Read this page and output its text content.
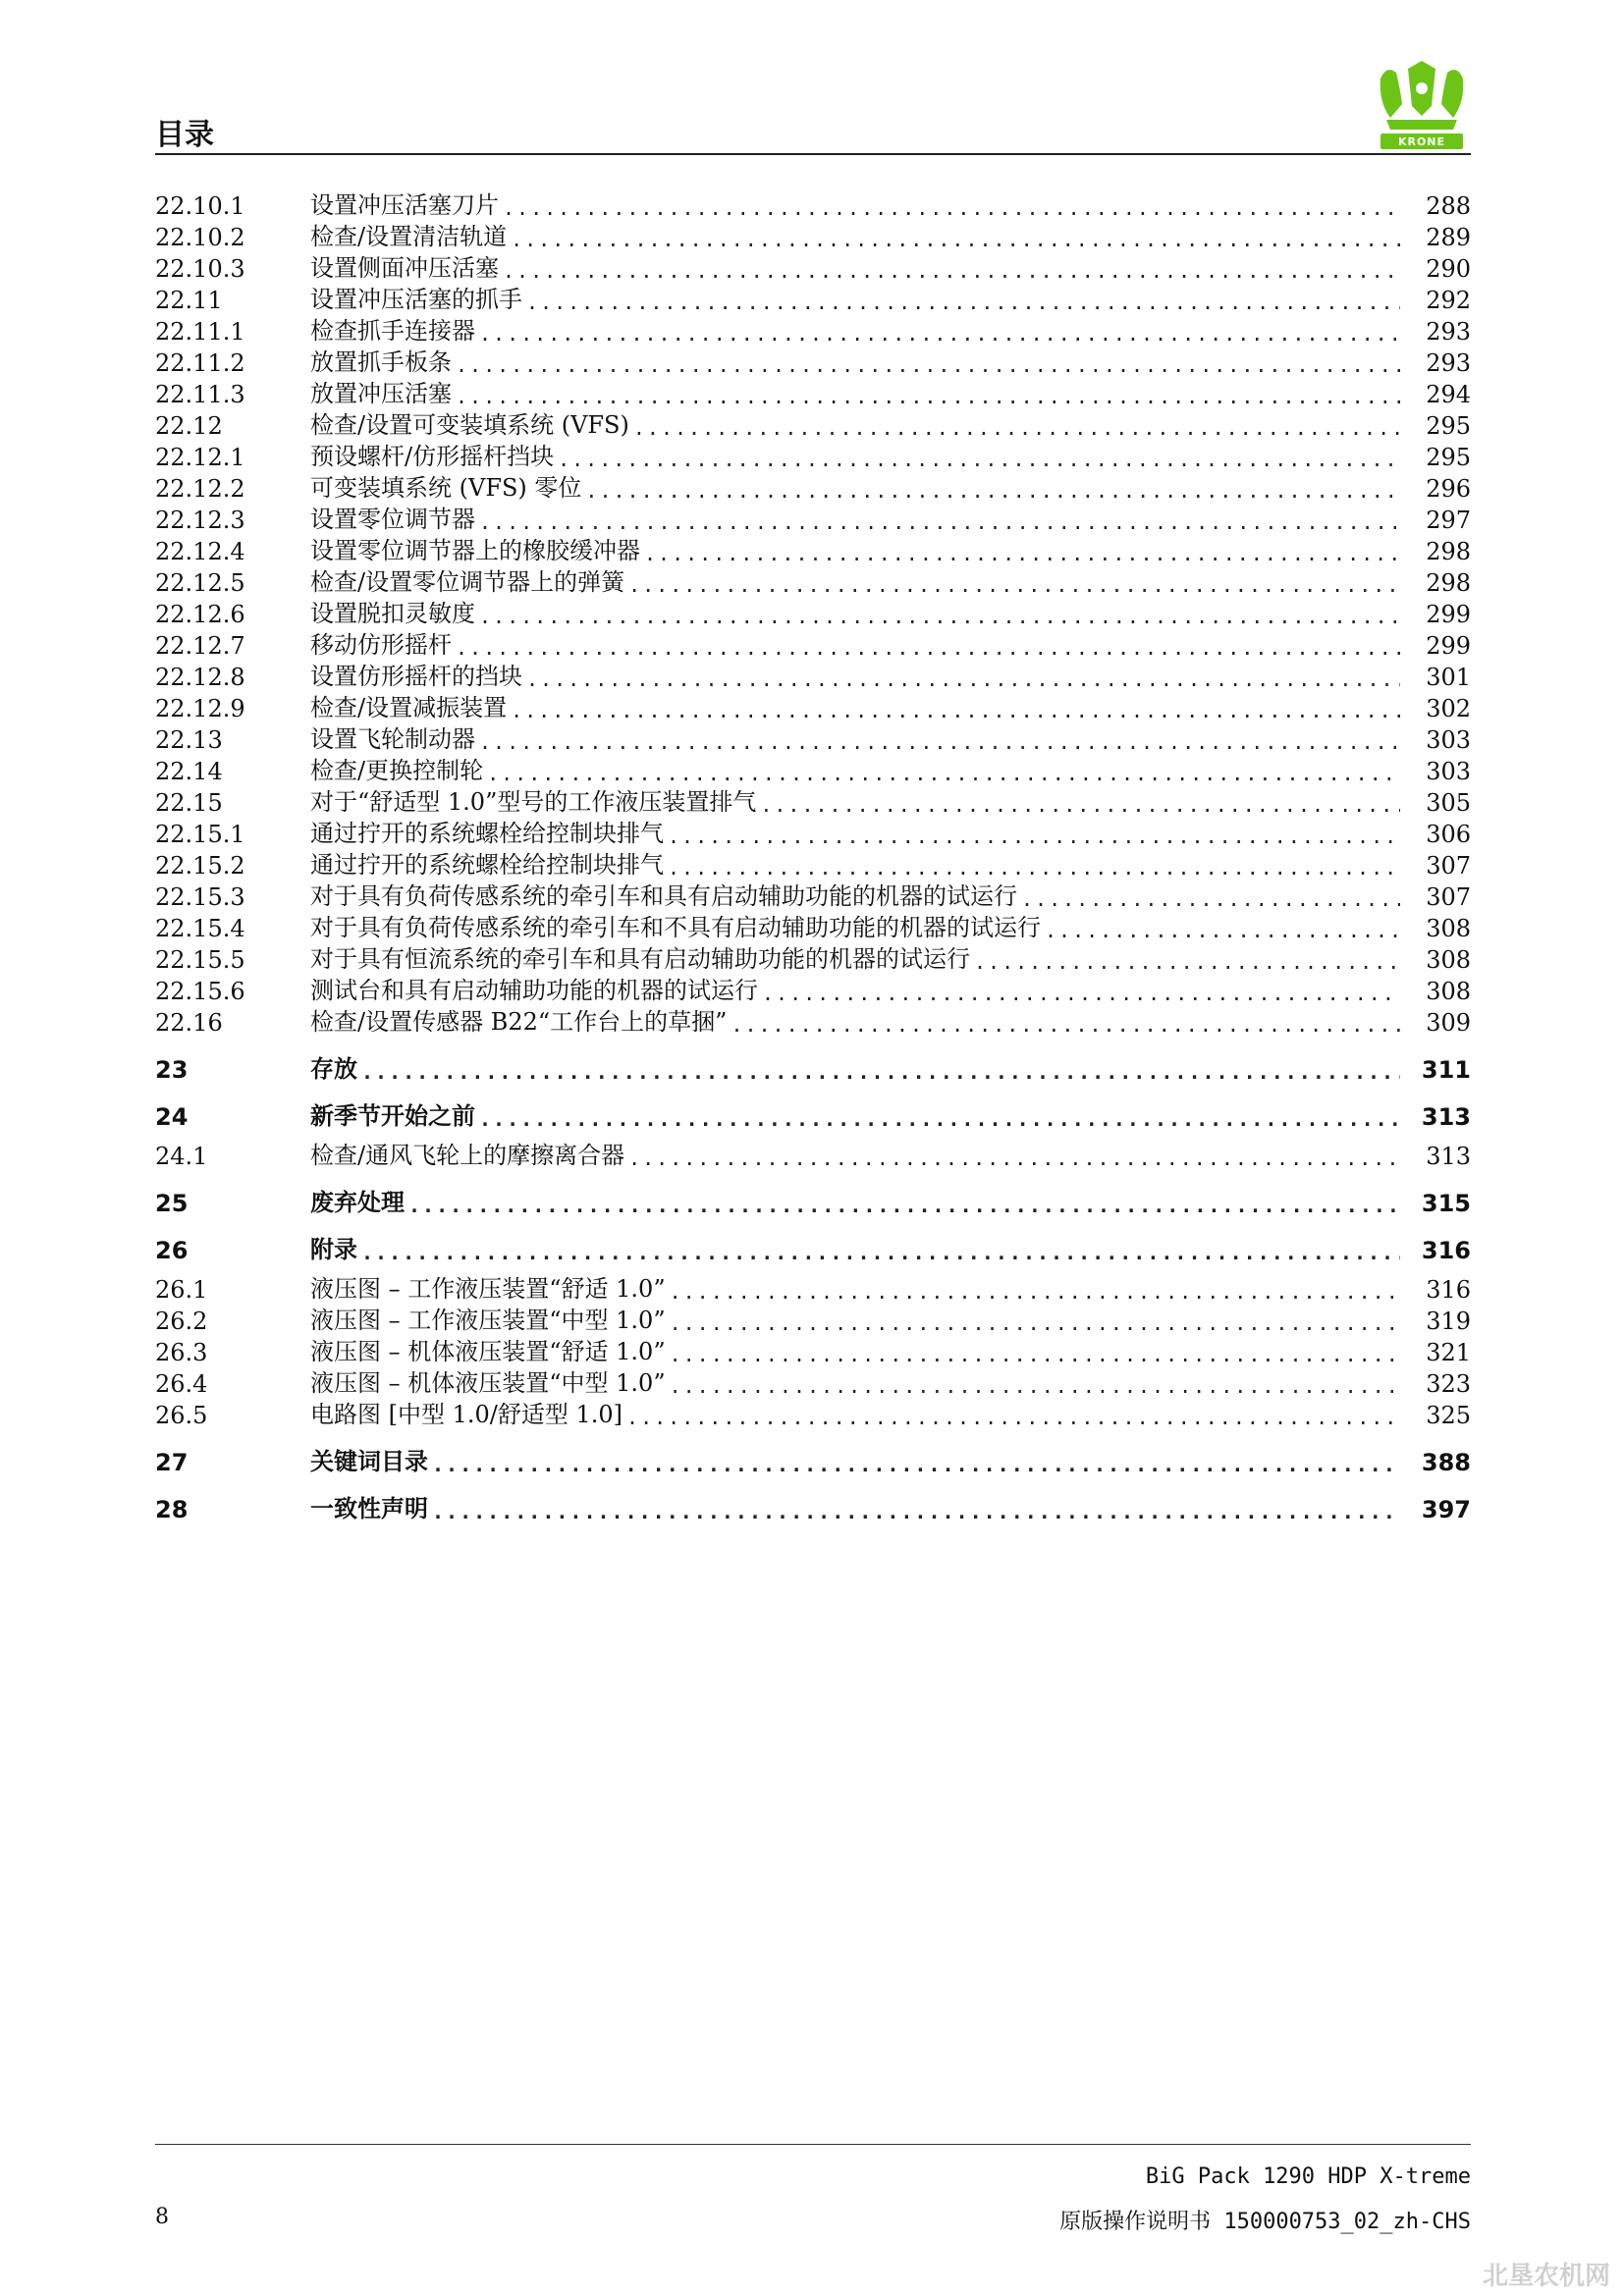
目录	KRONE
22.10.1	设置冲压活塞刀片 .....	288
22.10.2	检查/设置清洁轨道 .....	289
22.10.3	设置侧面冲压活塞 .....	290
22.11	设置冲压活塞的抓手 .....	292
22.11.1	检查抓手连接器 .....	293
22.11.2	放置抓手板条 .....	293
22.11.3	放置冲压活塞 .....	294
22.12	检查/设置可变装填系统 (VFS) .....	295
22.12.1	预设螺杆/仿形摇杆挡块 .....	295
22.12.2	可变装填系统 (VFS) 零位 .....	296
22.12.3	设置零位调节器 .....	297
22.12.4	设置零位调节器上的橡胶缓冲器 .....	298
22.12.5	检查/设置零位调节器上的弹簧 .....	298
22.12.6	设置脱扣灵敏度 .....	299
22.12.7	移动仿形摇杆 .....	299
22.12.8	设置仿形摇杆的挡块 .....	301
22.12.9	检查/设置减振装置 .....	302
22.13	设置飞轮制动器 .....	303
22.14	检查/更换控制轮 .....	303
22.15	对于“舒适型 1.0”型号的工作液压装置排气 .....	305
22.15.1	通过拧开的系统螺栓给控制块排气 .....	306
22.15.2	通过拧开的系统螺栓给控制块排气 .....	307
22.15.3	对于具有负荷传感系统的牵引车和具有启动辅助功能的机器的试运行 .....	307
22.15.4	对于具有负荷传感系统的牵引车和不具有启动辅助功能的机器的试运行 .....	308
22.15.5	对于具有恒流系统的牵引车和具有启动辅助功能的机器的试运行 .....	308
22.15.6	测试台和具有启动辅助功能的机器的试运行 .....	308
22.16	检查/设置传感器 B22“工作台上的草捆” .....	309
23	存放 .....	311
24	新季节开始之前 .....	313
24.1	检查/通风飞轮上的摩擦离合器 .....	313
25	废弃处理 .....	315
26	附录 .....	316
26.1	液压图 – 工作液压装置“舒适 1.0” .....	316
26.2	液压图 – 工作液压装置“中型 1.0” .....	319
26.3	液压图 – 机体液压装置“舒适 1.0” .....	321
26.4	液压图 – 机体液压装置“中型 1.0” .....	323
26.5	电路图 [中型 1.0/舒适型 1.0] .....	325
27	关键词目录 .....	388
28	一致性声明 .....	397
BiG Pack 1290 HDP X-treme
8	原版操作说明书 150000753_02_zh-CHS
北垦农机网
